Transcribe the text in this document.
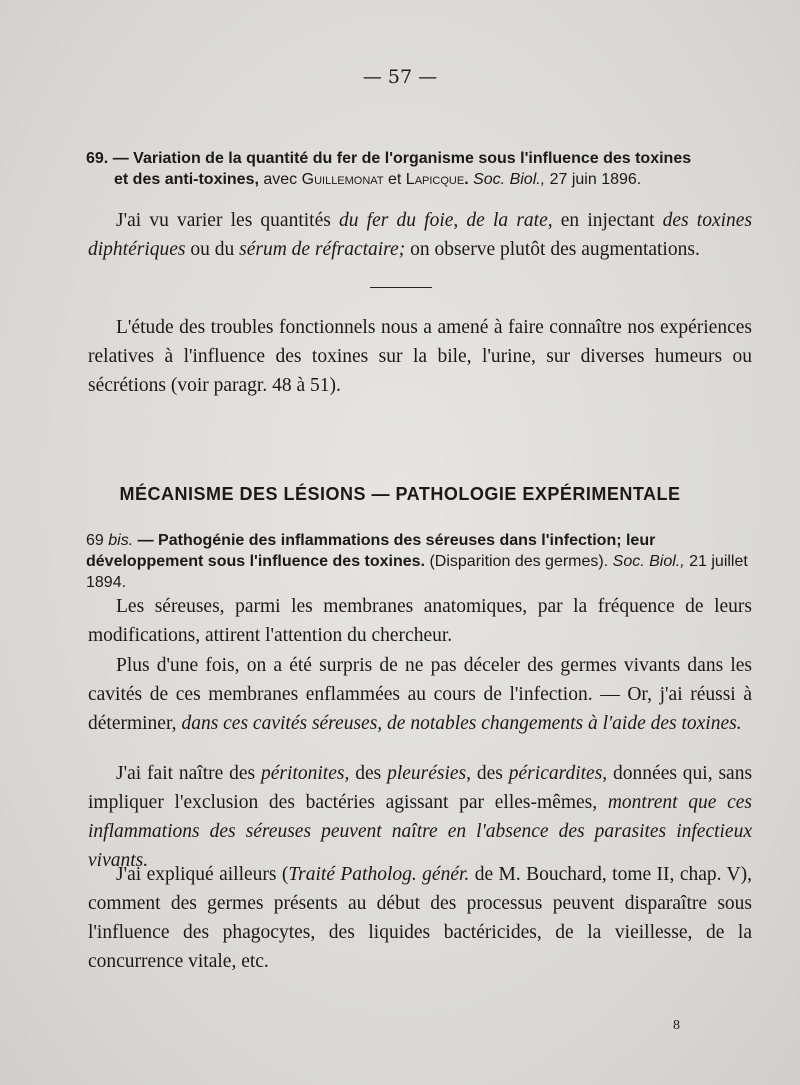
— 57 —

69. — Variation de la quantité du fer de l'organisme sous l'influence des toxines
et des anti-toxines, avec Guillemonat et Lapicque. Soc. Biol., 27 juin 1896.

J'ai vu varier les quantités du fer du foie, de la rate, en injectant des toxines diphtériques ou du sérum de réfractaire; on observe plutôt des augmentations.

L'étude des troubles fonctionnels nous a amené à faire connaître nos expériences relatives à l'influence des toxines sur la bile, l'urine, sur diverses humeurs ou sécrétions (voir paragr. 48 à 51).

MÉCANISME DES LÉSIONS — PATHOLOGIE EXPÉRIMENTALE

69 bis. — Pathogénie des inflammations des séreuses dans l'infection; leur développement sous l'influence des toxines. (Disparition des germes). Soc. Biol., 21 juillet 1894.

Les séreuses, parmi les membranes anatomiques, par la fréquence de leurs modifications, attirent l'attention du chercheur.

Plus d'une fois, on a été surpris de ne pas déceler des germes vivants dans les cavités de ces membranes enflammées au cours de l'infection. — Or, j'ai réussi à déterminer, dans ces cavités séreuses, de notables changements à l'aide des toxines.

J'ai fait naître des péritonites, des pleurésies, des péricardites, données qui, sans impliquer l'exclusion des bactéries agissant par elles-mêmes, montrent que ces inflammations des séreuses peuvent naître en l'absence des parasites infectieux vivants.

J'ai expliqué ailleurs (Traité Patholog. génér. de M. Bouchard, tome II, chap. V), comment des germes présents au début des processus peuvent disparaître sous l'influence des phagocytes, des liquides bactéricides, de la vieillesse, de la concurrence vitale, etc.

8
